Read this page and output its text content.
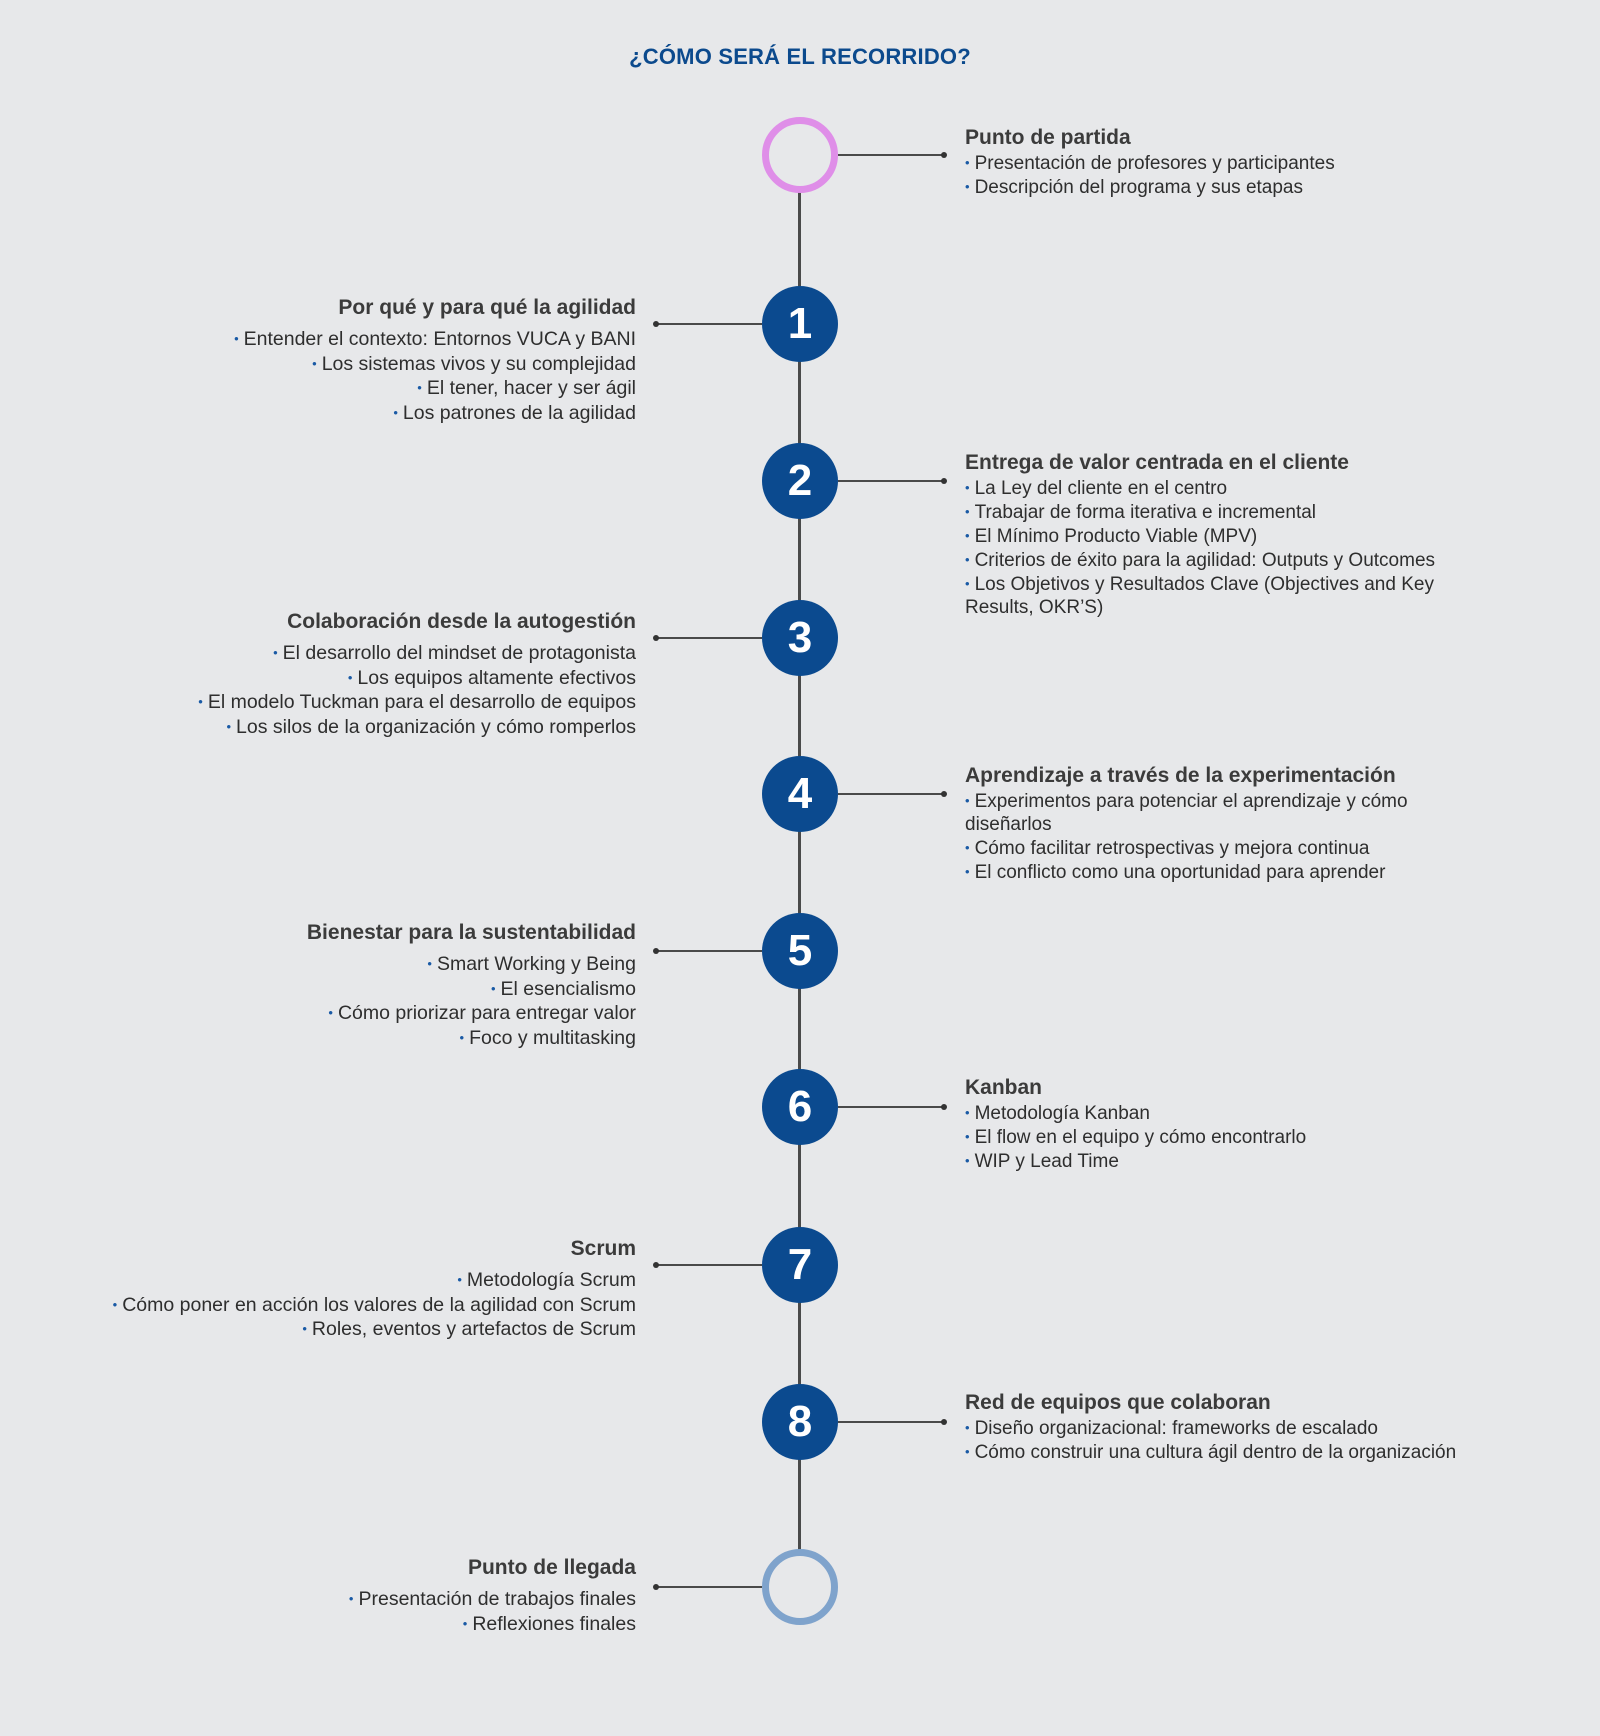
¿CÓMO SERÁ EL RECORRIDO?
Punto de partida
• Presentación de profesores y participantes
• Descripción del programa y sus etapas
1
Por qué y para qué la agilidad
• Entender el contexto: Entornos VUCA y BANI
• Los sistemas vivos y su complejidad
• El tener, hacer y ser ágil
• Los patrones de la agilidad
2	Entrega de valor centrada en el cliente
• La Ley del cliente en el centro
• Trabajar de forma iterativa e incremental
• El Mínimo Producto Viable (MPV)
• Criterios de éxito para la agilidad: Outputs y Outcomes
• Los Objetivos y Resultados Clave (Objectives and Key Results, OKR’S)
3
Colaboración desde la autogestión
• El desarrollo del mindset de protagonista
• Los equipos altamente efectivos
• El modelo Tuckman para el desarrollo de equipos
• Los silos de la organización y cómo romperlos
4	Aprendizaje a través de la experimentación
• Experimentos para potenciar el aprendizaje y cómo diseñarlos
• Cómo facilitar retrospectivas y mejora continua
• El conflicto como una oportunidad para aprender
5
Bienestar para la sustentabilidad
• Smart Working y Being
• El esencialismo
• Cómo priorizar para entregar valor
• Foco y multitasking
6	Kanban
• Metodología Kanban
• El flow en el equipo y cómo encontrarlo
• WIP y Lead Time
7
Scrum
• Metodología Scrum
• Cómo poner en acción los valores de la agilidad con Scrum
• Roles, eventos y artefactos de Scrum
8	Red de equipos que colaboran
• Diseño organizacional: frameworks de escalado
• Cómo construir una cultura ágil dentro de la organización
Punto de llegada
• Presentación de trabajos finales
• Reflexiones finales
